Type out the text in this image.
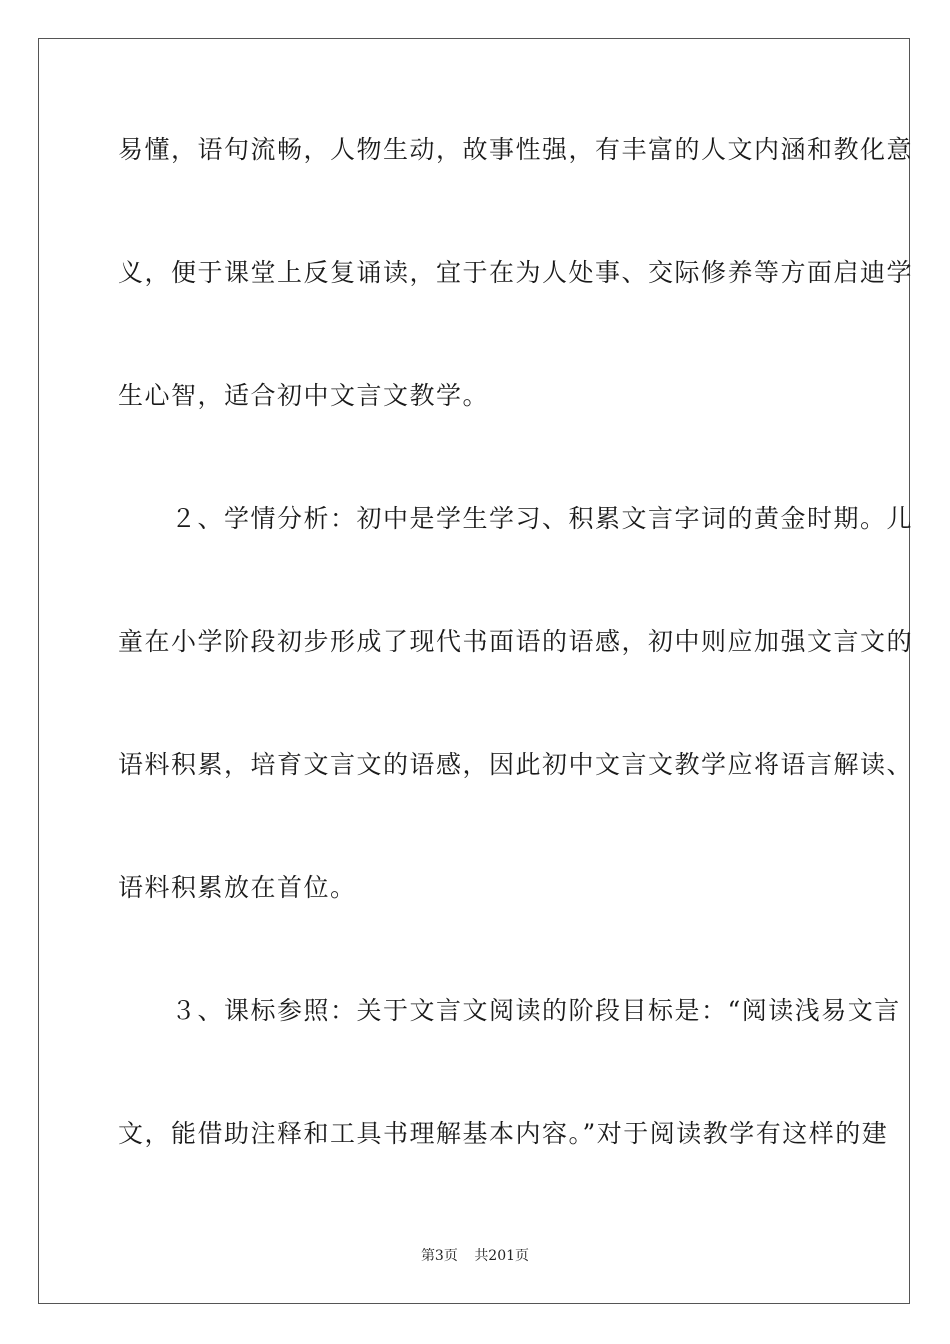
易懂，语句流畅，人物生动，故事性强，有丰富的人文内涵和教化意
义，便于课堂上反复诵读，宜于在为人处事、交际修养等方面启迪学
生心智，适合初中文言文教学。
　　２、学情分析：初中是学生学习、积累文言字词的黄金时期。儿
童在小学阶段初步形成了现代书面语的语感，初中则应加强文言文的
语料积累，培育文言文的语感，因此初中文言文教学应将语言解读、
语料积累放在首位。
　　３、课标参照：关于文言文阅读的阶段目标是：“阅读浅易文言
文，能借助注释和工具书理解基本内容。”对于阅读教学有这样的建
第3页 共201页
